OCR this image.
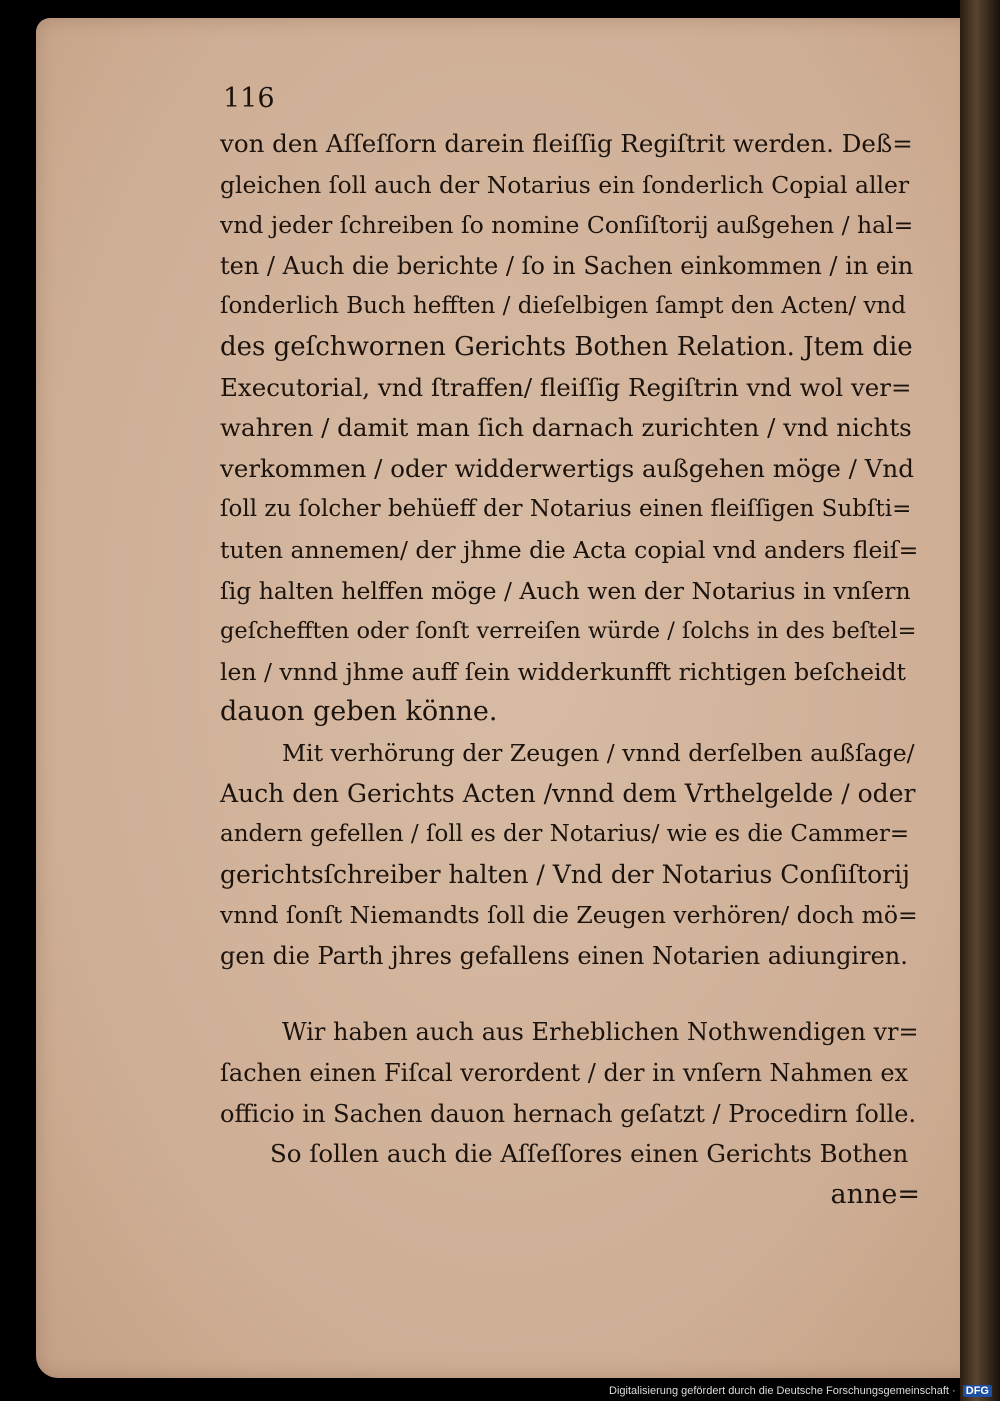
116
von den Aſſeſſorn darein fleiſſig Regiſtrit werden. Deß=
gleichen ſoll auch der Notarius ein ſonderlich Copial aller
vnd jeder ſchreiben ſo nomine Conſiſtorij außgehen / hal=
ten / Auch die berichte / ſo in Sachen einkommen / in ein
ſonderlich Buch hefften / dieſelbigen ſampt den Acten/ vnd
des geſchwornen Gerichts Bothen Relation. Jtem die
Executorial, vnd ſtraffen/ fleiſſig Regiſtrin vnd wol ver=
wahren / damit man ſich darnach zurichten / vnd nichts
verkommen / oder widderwertigs außgehen möge / Vnd
ſoll zu ſolcher behüeff der Notarius einen fleiſſigen Subſti=
tuten annemen/ der jhme die Acta copial vnd anders fleiſ=
ſig halten helffen möge / Auch wen der Notarius in vnſern
geſchefften oder ſonſt verreiſen würde / ſolchs in des beſtel=
len / vnnd jhme auff ſein widderkunfft richtigen beſcheidt
dauon geben könne.
Mit verhörung der Zeugen / vnnd derſelben außſage/
Auch den Gerichts Acten /vnnd dem Vrthelgelde / oder
andern gefellen / ſoll es der Notarius/ wie es die Cammer=
gerichtsſchreiber halten / Vnd der Notarius Conſiſtorij
vnnd ſonſt Niemandts ſoll die Zeugen verhören/ doch mö=
gen die Parth jhres gefallens einen Notarien adiungiren.
Wir haben auch aus Erheblichen Nothwendigen vr=
ſachen einen Fiſcal verordent / der in vnſern Nahmen ex
officio in Sachen dauon hernach geſatzt / Procedirn ſolle.
So ſollen auch die Aſſeſſores einen Gerichts Bothen
anne=
Digitalisierung gefördert durch die Deutsche Forschungsgemeinschaft · DFG
